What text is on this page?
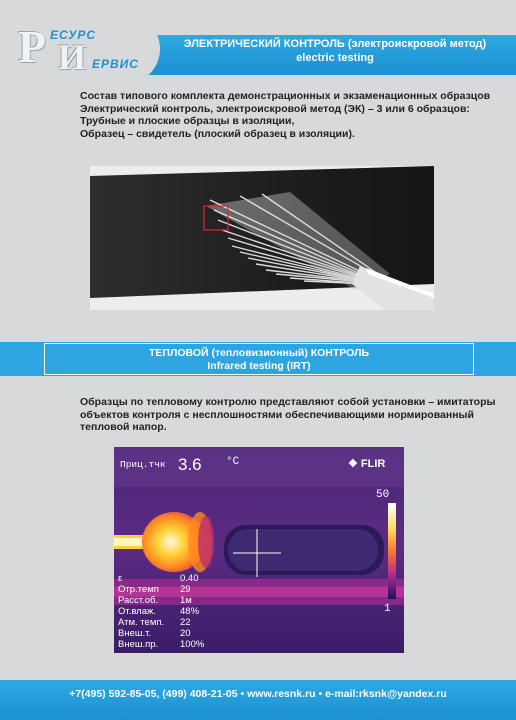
Р И
ЕСУРС
ЕРВИС
ЭЛЕКТРИЧЕСКИЙ КОНТРОЛЬ (электроискровой метод)
electric testing
Состав типового комплекта демонстрационных и экзаменационных образцов
Электрический контроль, электроискровой метод (ЭК) – 3 или 6 образцов:
Трубные и плоские образцы в изоляции,
Образец – свидетель (плоский образец в изоляции).
ТЕПЛОВОЙ (тепловизионный) КОНТРОЛЬ
Infrared testing (IRT)
Образцы по тепловому контролю представляют собой установки – имитаторы
объектов контроля с несплошностями обеспечивающими нормированный
тепловой напор.
Приц.тчк 3.6 °C	❖ FLIR
50
1
ε	0.40
Отр.темп 29
Расст.об. 1м
От.влаж.	48%
Атм. темп. 22
Внеш.т.	20
Внеш.пр. 100%
+7(495) 592-85-05, (499) 408-21-05 • www.resnk.ru • e-mail:rksnk@yandex.ru
